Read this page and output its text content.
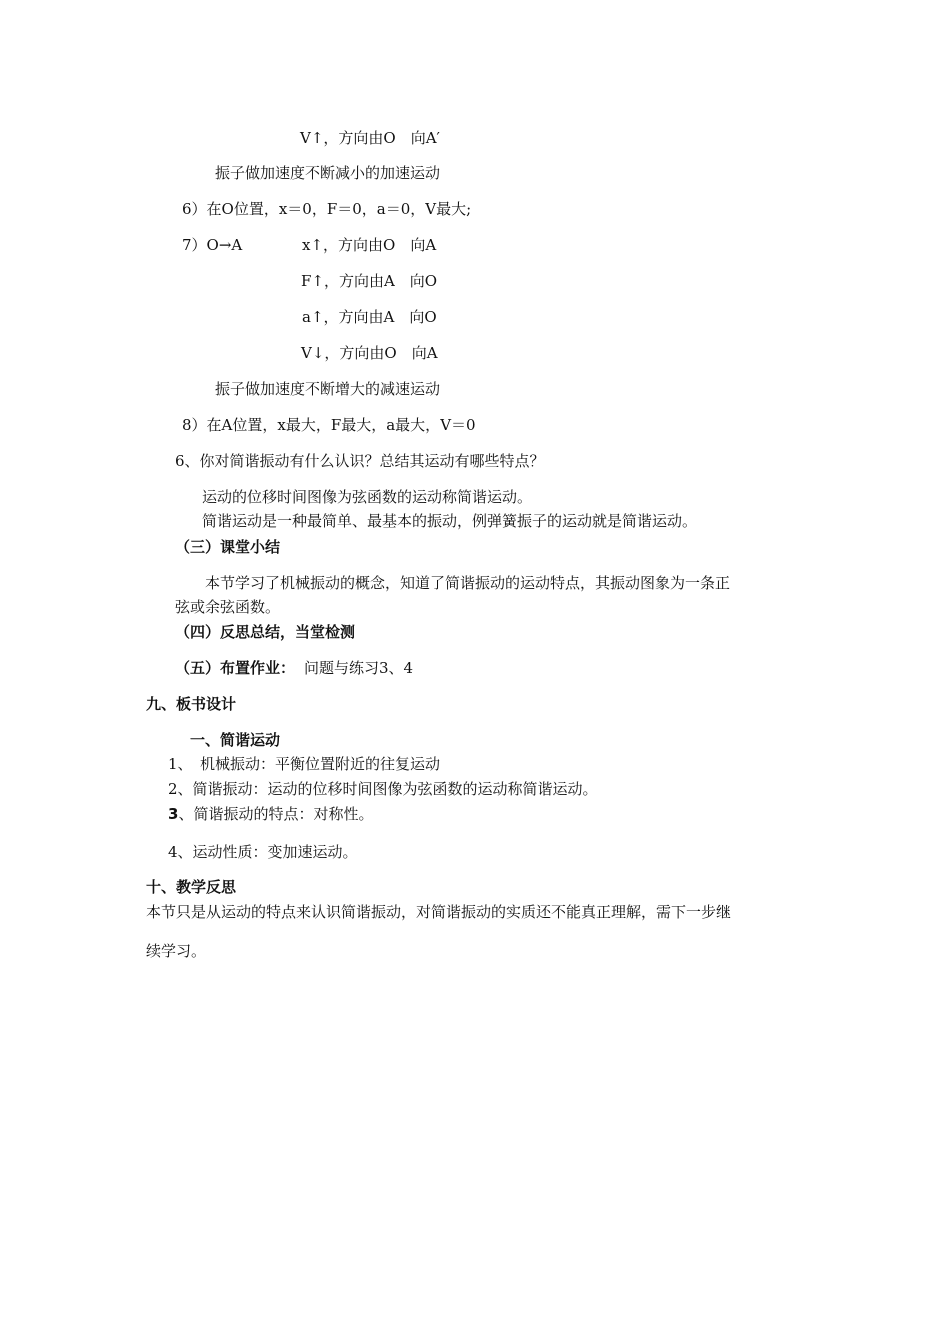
V↑，方向由O　向A′
振子做加速度不断减小的加速运动
6）在O位置，x＝0，F＝0，a＝0，V最大;
7）O→A	x↑，方向由O　向A
F↑，方向由A　向O
a↑，方向由A　向O
V↓，方向由O　向A
振子做加速度不断增大的减速运动
8）在A位置，x最大，F最大，a最大，V＝0
6、你对简谐振动有什么认识？总结其运动有哪些特点？
运动的位移时间图像为弦函数的运动称简谐运动。
简谐运动是一种最简单、最基本的振动，例弹簧振子的运动就是简谐运动。
（三）课堂小结
本节学习了机械振动的概念，知道了简谐振动的运动特点，其振动图象为一条正
弦或余弦函数。
（四）反思总结，当堂检测
（五）布置作业： 问题与练习3、4
九、板书设计
一、简谐运动
1、　机械振动：平衡位置附近的往复运动
2、简谐振动：运动的位移时间图像为弦函数的运动称简谐运动。
3、简谐振动的特点：对称性。
4、运动性质：变加速运动。
十、教学反思
本节只是从运动的特点来认识简谐振动，对简谐振动的实质还不能真正理解，需下一步继
续学习。
